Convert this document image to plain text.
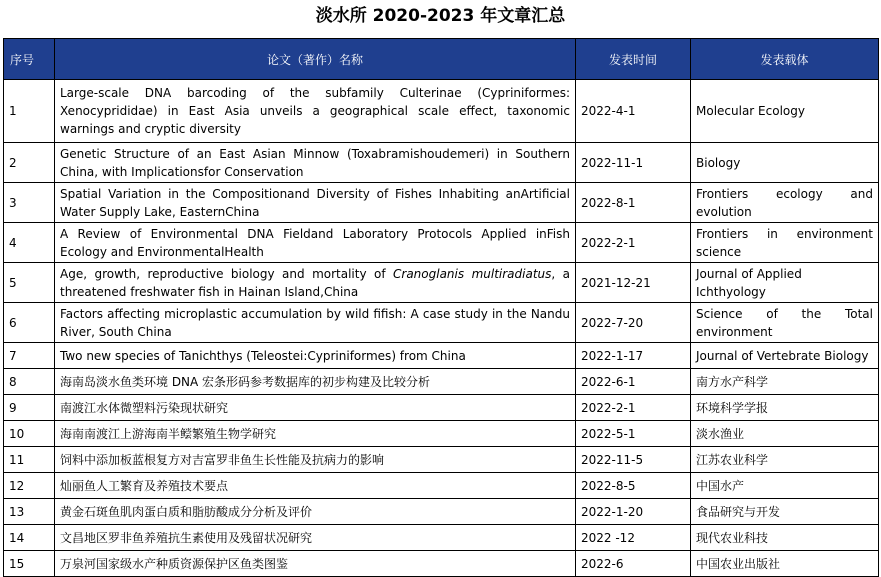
淡水所 2020-2023 年文章汇总
序号	论文（著作）名称	发表时间	发表载体
1	Large-scale DNA barcoding of the subfamily Culterinae (Cypriniformes: Xenocyprididae) in East Asia unveils a geographical scale effect, taxonomic warnings and cryptic diversity	2022-4-1	Molecular Ecology
2	Genetic Structure of an East Asian Minnow (Toxabramishoudemeri) in Southern China, with Implicationsfor Conservation	2022-11-1	Biology
3	Spatial Variation in the Compositionand Diversity of Fishes Inhabiting anArtificial Water Supply Lake, EasternChina	2022-8-1	Frontiers ecology and evolution
4	A Review of Environmental DNA Fieldand Laboratory Protocols Applied inFish Ecology and EnvironmentalHealth	2022-2-1	Frontiers in environment science
5	Age, growth, reproductive biology and mortality of Cranoglanis multiradiatus, a threatened freshwater fish in Hainan Island,China	2021-12-21	Journal of Applied Ichthyology
6	Factors affecting microplastic accumulation by wild fifish: A case study in the Nandu River, South China	2022-7-20	Science of the Total environment
7	Two new species of Tanichthys (Teleostei:Cypriniformes) from China	2022-1-17	Journal of Vertebrate Biology
8	海南岛淡水鱼类环境 DNA 宏条形码参考数据库的初步构建及比较分析	2022-6-1	南方水产科学
9	南渡江水体微塑料污染现状研究	2022-2-1	环境科学学报
10	海南南渡江上游海南半鲿繁殖生物学研究	2022-5-1	淡水渔业
11	饲料中添加板蓝根复方对吉富罗非鱼生长性能及抗病力的影响	2022-11-5	江苏农业科学
12	灿丽鱼人工繁育及养殖技术要点	2022-8-5	中国水产
13	黄金石斑鱼肌肉蛋白质和脂肪酸成分分析及评价	2022-1-20	食品研究与开发
14	文昌地区罗非鱼养殖抗生素使用及残留状况研究	2022 -12	现代农业科技
15	万泉河国家级水产种质资源保护区鱼类图鉴	2022-6	中国农业出版社
